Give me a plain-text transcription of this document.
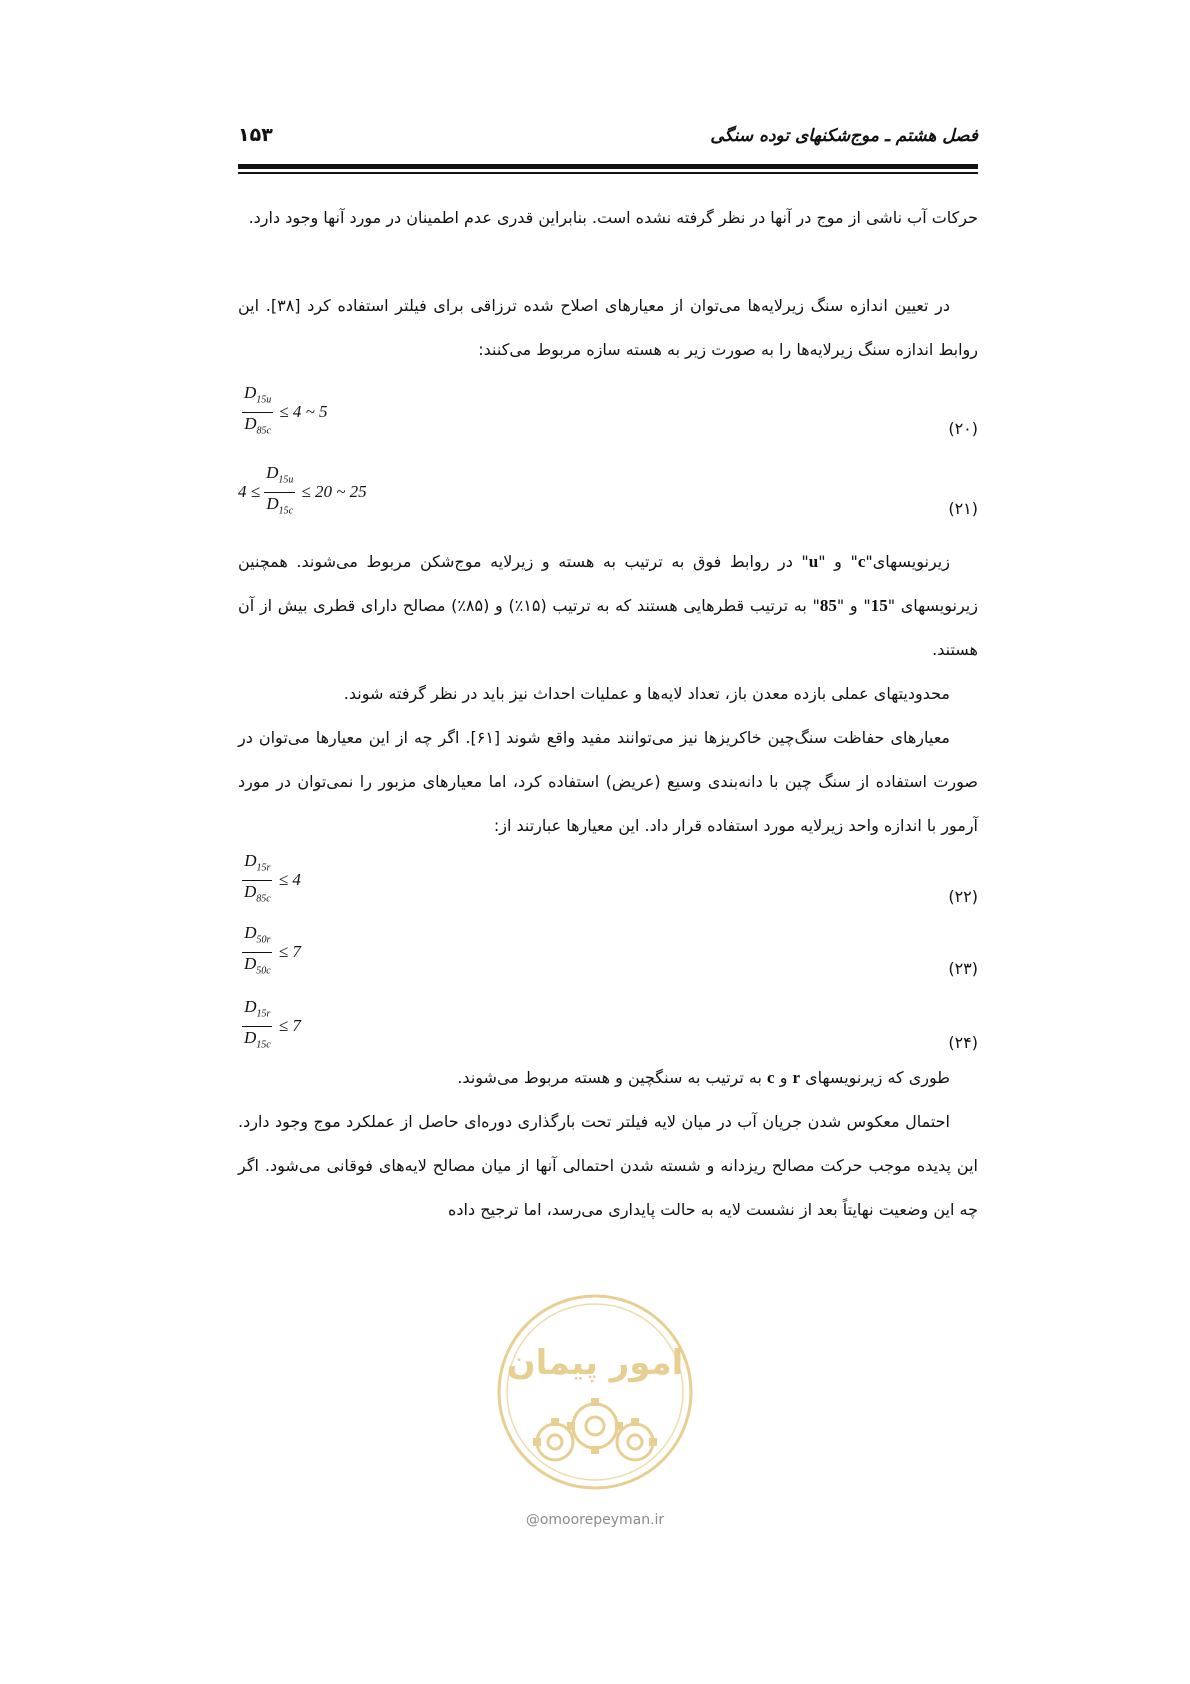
فصل هشتم ـ موج‌شکنهای توده سنگی
۱۵۳

حرکات آب ناشی از موج در آنها در نظر گرفته نشده است. بنابراین قدری عدم اطمینان در مورد آنها وجود دارد.

در تعیین اندازه سنگ زیرلایه‌ها می‌توان از معیارهای اصلاح شده ترزاقی برای فیلتر استفاده کرد [۳۸]. این روابط اندازه سنگ زیرلایه‌ها را به صورت زیر به هسته سازه مربوط می‌کنند:

$\frac{D_{15u}}{D_{85c}} \le 4$ ~ 5
(۲۰)
$4 \le \frac{D_{15u}}{D_{15c}} \le 20$ ~ 25
(۲۱)

زیرنویسهای"c" و "u" در روابط فوق به ترتیب به هسته و زیرلایه موج‌شکن مربوط می‌شوند. همچنین زیرنویسهای "15" و "85" به ترتیب قطرهایی هستند که به ترتیب (۱۵٪) و (۸۵٪) مصالح دارای قطری بیش از آن هستند.

محدودیتهای عملی بازده معدن باز، تعداد لایه‌ها و عملیات احداث نیز باید در نظر گرفته شوند.

معیارهای حفاظت سنگ‌چین خاکریزها نیز می‌توانند مفید واقع شوند [۶۱]. اگر چه از این معیارها می‌توان در صورت استفاده از سنگ چین با دانه‌بندی وسیع (عریض) استفاده کرد، اما معیارهای مزبور را نمی‌توان در مورد آرمور با اندازه واحد زیرلایه مورد استفاده قرار داد. این معیارها عبارتند از:

$\frac{D_{15r}}{D_{85c}} \le 4$
(۲۲)
$\frac{D_{50r}}{D_{50c}} \le 7$
(۲۳)
$\frac{D_{15r}}{D_{15c}} \le 7$
(۲۴)

طوری که زیرنویسهای r و c به ترتیب به سنگچین و هسته مربوط می‌شوند.

احتمال معکوس شدن جریان آب در میان لایه فیلتر تحت بارگذاری دوره‌ای حاصل از عملکرد موج وجود دارد. این پدیده موجب حرکت مصالح ریزدانه و شسته شدن احتمالی آنها از میان مصالح لایه‌های فوقانی می‌شود. اگر چه این وضعیت نهایتاً بعد از نشست لایه به حالت پایداری می‌رسد، اما ترجیح داده

امور پیمان
@omoorepeyman.ir
